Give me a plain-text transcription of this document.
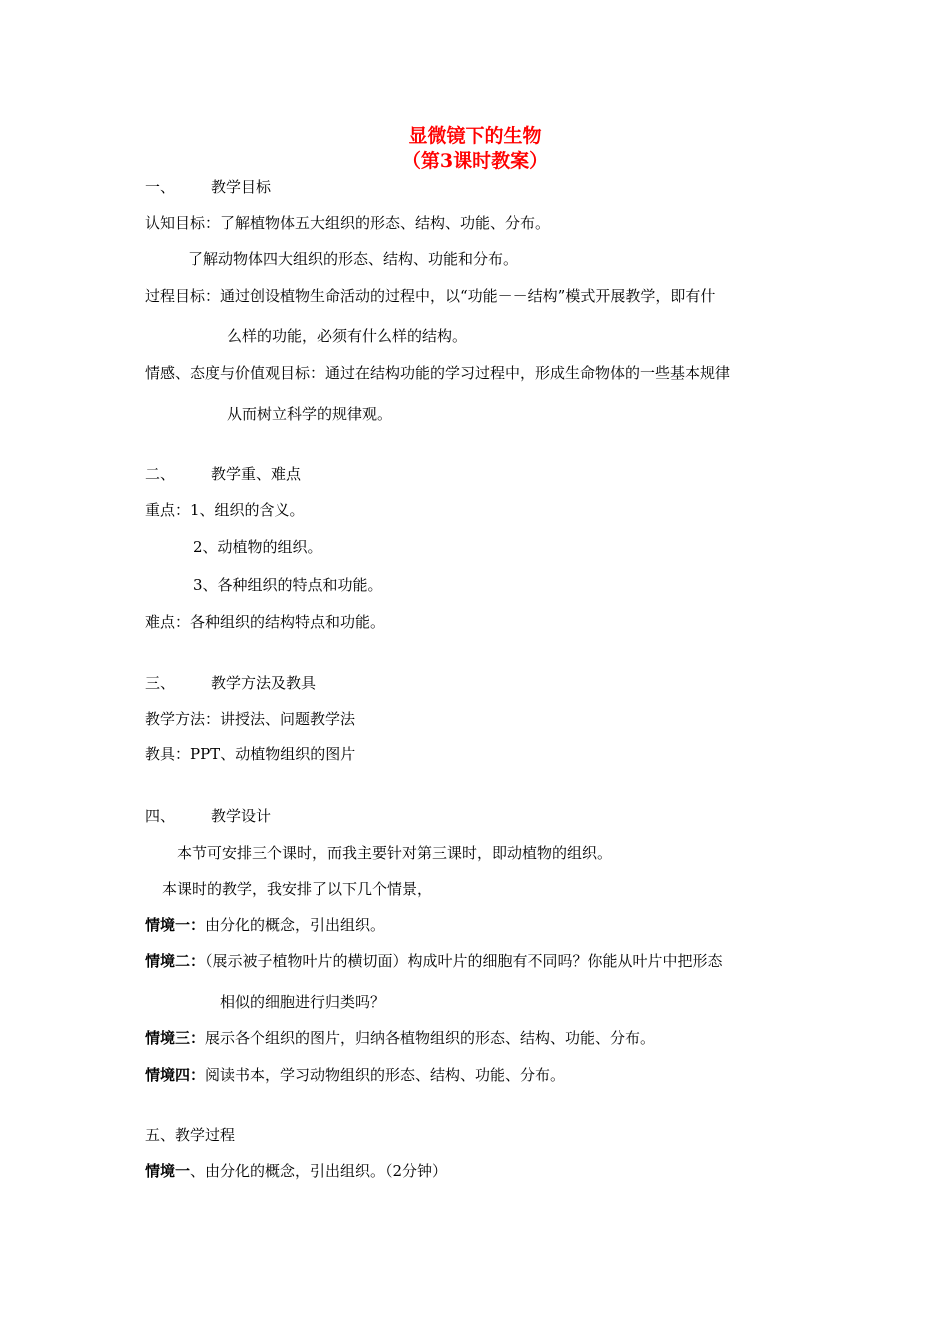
显微镜下的生物
（第3课时教案）
一、 教学目标
认知目标：了解植物体五大组织的形态、结构、功能、分布。
了解动物体四大组织的形态、结构、功能和分布。
过程目标：通过创设植物生命活动的过程中，以“功能－－结构”模式开展教学，即有什
么样的功能，必须有什么样的结构。
情感、态度与价值观目标：通过在结构功能的学习过程中，形成生命物体的一些基本规律
从而树立科学的规律观。
二、 教学重、难点
重点：1、组织的含义。
2、动植物的组织。
3、各种组织的特点和功能。
难点：各种组织的结构特点和功能。
三、 教学方法及教具
教学方法：讲授法、问题教学法
教具：PPT、动植物组织的图片
四、 教学设计
本节可安排三个课时，而我主要针对第三课时，即动植物的组织。
本课时的教学，我安排了以下几个情景，
情境一：由分化的概念，引出组织。
情境二：（展示被子植物叶片的横切面）构成叶片的细胞有不同吗？你能从叶片中把形态
相似的细胞进行归类吗？
情境三：展示各个组织的图片，归纳各植物组织的形态、结构、功能、分布。
情境四：阅读书本，学习动物组织的形态、结构、功能、分布。
五、教学过程
情境一、由分化的概念，引出组织。（2分钟）
